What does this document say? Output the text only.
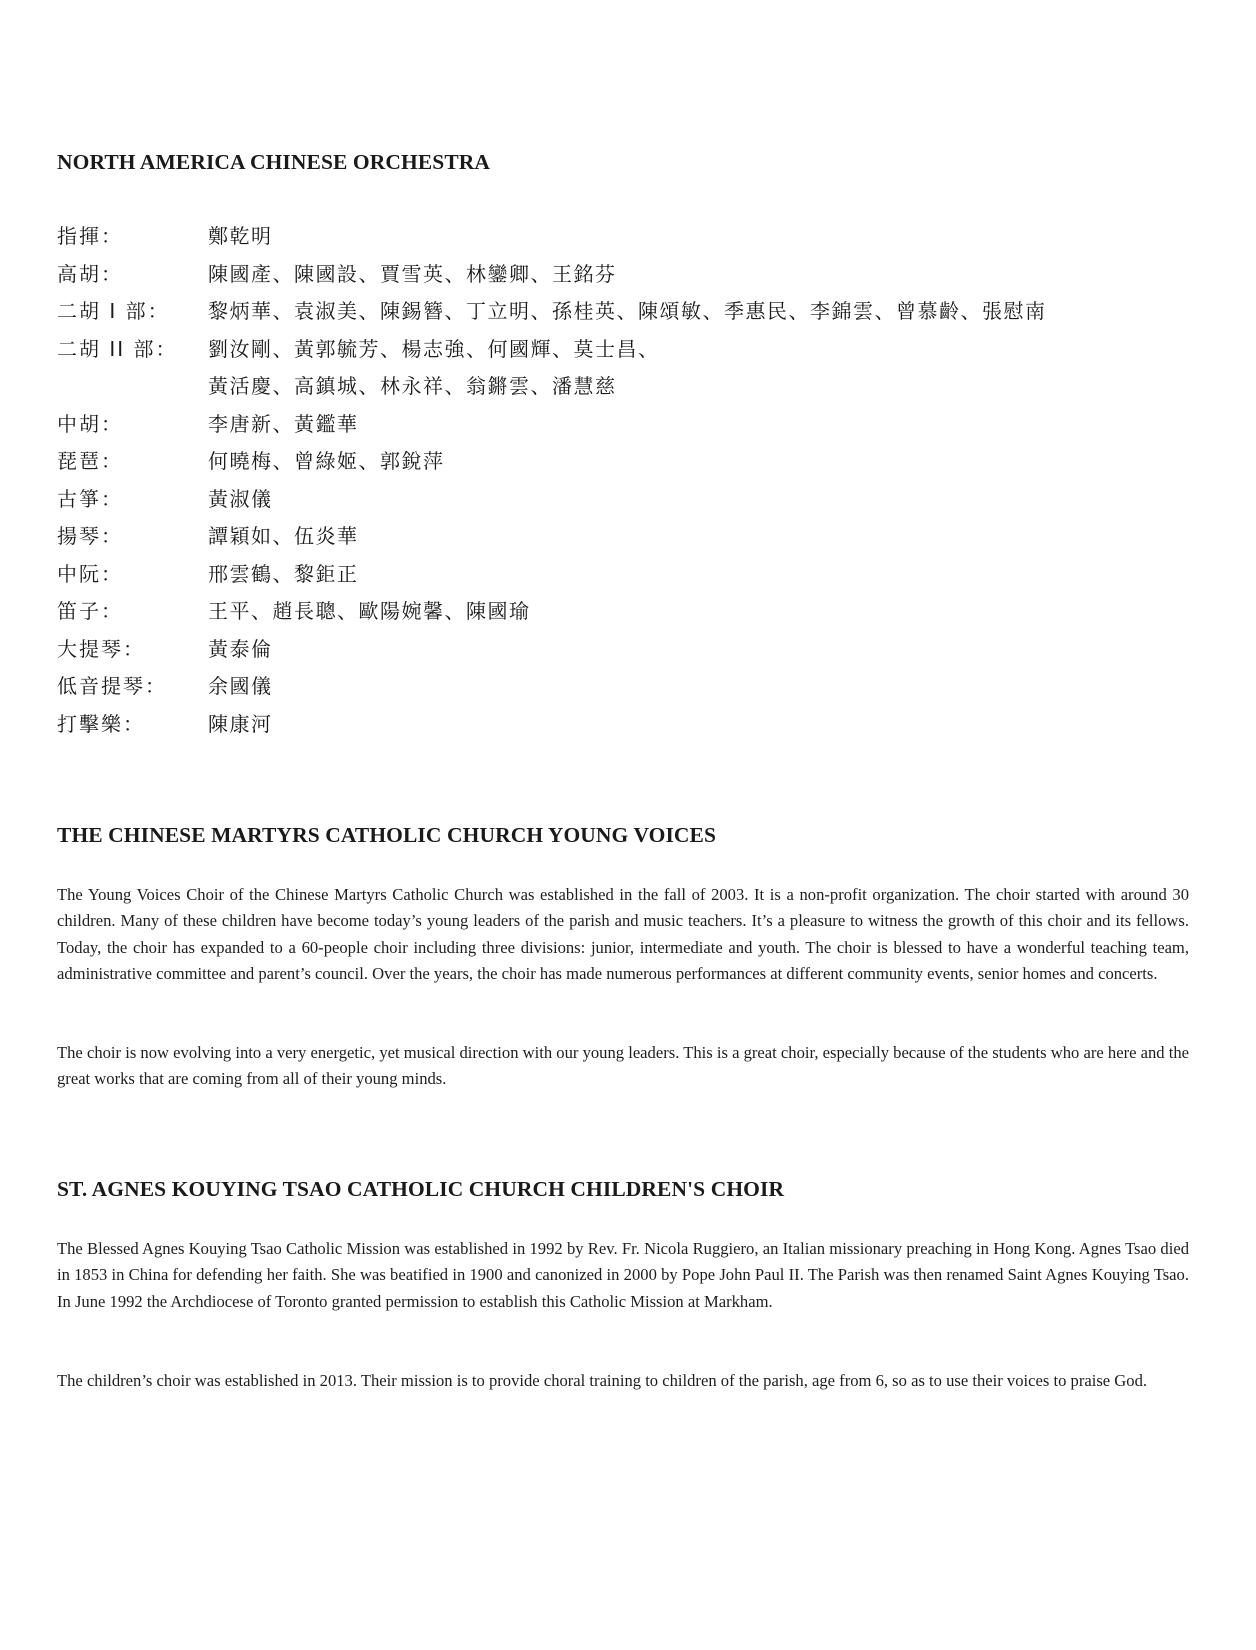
NORTH AMERICA CHINESE ORCHESTRA
指揮：	鄭乾明
高胡：	陳國產、陳國設、賈雪英、林鑾卿、王銘芬
二胡 I 部：	黎炳華、袁淑美、陳錫簪、丁立明、孫桂英、陳頌敏、季惠民、李錦雲、曾慕齡、張慰南
二胡 II 部：	劉汝剛、黃郭毓芳、楊志強、何國輝、莫士昌、
黃活慶、高鎮城、林永祥、翁鏘雲、潘慧慈
中胡：	李唐新、黃鑑華
琵琶：	何曉梅、曾綠姬、郭銳萍
古箏：	黃淑儀
揚琴：	譚穎如、伍炎華
中阮：	邢雲鶴、黎鉅正
笛子：	王平、趙長聰、歐陽婉馨、陳國瑜
大提琴：	黃泰倫
低音提琴：	余國儀
打擊樂：	陳康河
THE CHINESE MARTYRS CATHOLIC CHURCH YOUNG VOICES

The Young Voices Choir of the Chinese Martyrs Catholic Church was established in the fall of 2003. It is a non-profit organization. The choir started with around 30 children. Many of these children have become today’s young leaders of the parish and music teachers. It’s a pleasure to witness the growth of this choir and its fellows. Today, the choir has expanded to a 60-people choir including three divisions: junior, intermediate and youth. The choir is blessed to have a wonderful teaching team, administrative committee and parent’s council. Over the years, the choir has made numerous performances at different community events, senior homes and concerts.

The choir is now evolving into a very energetic, yet musical direction with our young leaders. This is a great choir, especially because of the students who are here and the great works that are coming from all of their young minds.

ST. AGNES KOUYING TSAO CATHOLIC CHURCH CHILDREN'S CHOIR

The Blessed Agnes Kouying Tsao Catholic Mission was established in 1992 by Rev. Fr. Nicola Ruggiero, an Italian missionary preaching in Hong Kong. Agnes Tsao died in 1853 in China for defending her faith. She was beatified in 1900 and canonized in 2000 by Pope John Paul II. The Parish was then renamed Saint Agnes Kouying Tsao. In June 1992 the Archdiocese of Toronto granted permission to establish this Catholic Mission at Markham.

The children’s choir was established in 2013. Their mission is to provide choral training to children of the parish, age from 6, so as to use their voices to praise God.
